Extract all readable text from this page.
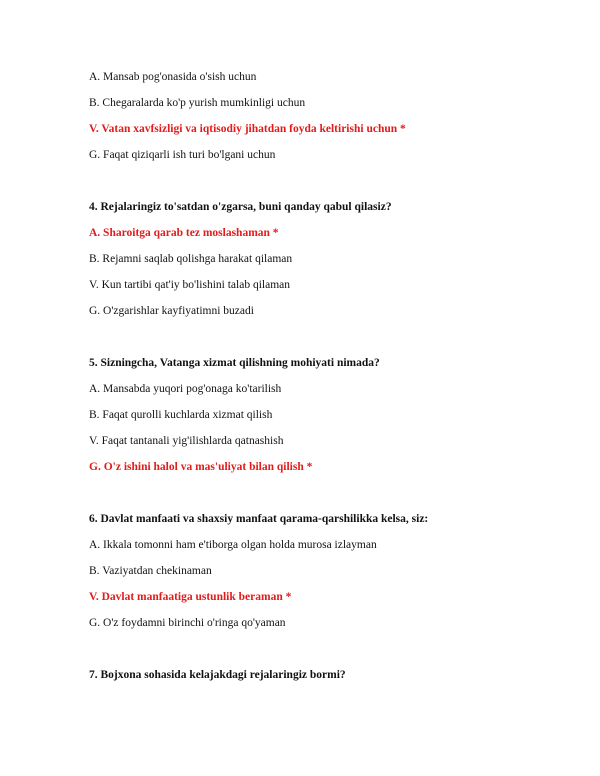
A. Mansab pog'onasida o'sish uchun
B. Chegaralarda ko'p yurish mumkinligi uchun
V. Vatan xavfsizligi va iqtisodiy jihatdan foyda keltirishi uchun *
G. Faqat qiziqarli ish turi bo'lgani uchun
4. Rejalaringiz to'satdan o'zgarsa, buni qanday qabul qilasiz?
A. Sharoitga qarab tez moslashaman *
B. Rejamni saqlab qolishga harakat qilaman
V. Kun tartibi qat'iy bo'lishini talab qilaman
G. O'zgarishlar kayfiyatimni buzadi
5. Sizningcha, Vatanga xizmat qilishning mohiyati nimada?
A. Mansabda yuqori pog'onaga ko'tarilish
B. Faqat qurolli kuchlarda xizmat qilish
V. Faqat tantanali yig'ilishlarda qatnashish
G. O'z ishini halol va mas'uliyat bilan qilish *
6. Davlat manfaati va shaxsiy manfaat qarama-qarshilikka kelsa, siz:
A. Ikkala tomonni ham e'tiborga olgan holda murosa izlayman
B. Vaziyatdan chekinaman
V. Davlat manfaatiga ustunlik beraman *
G. O'z foydamni birinchi o'ringa qo'yaman
7. Bojxona sohasida kelajakdagi rejalaringiz bormi?
